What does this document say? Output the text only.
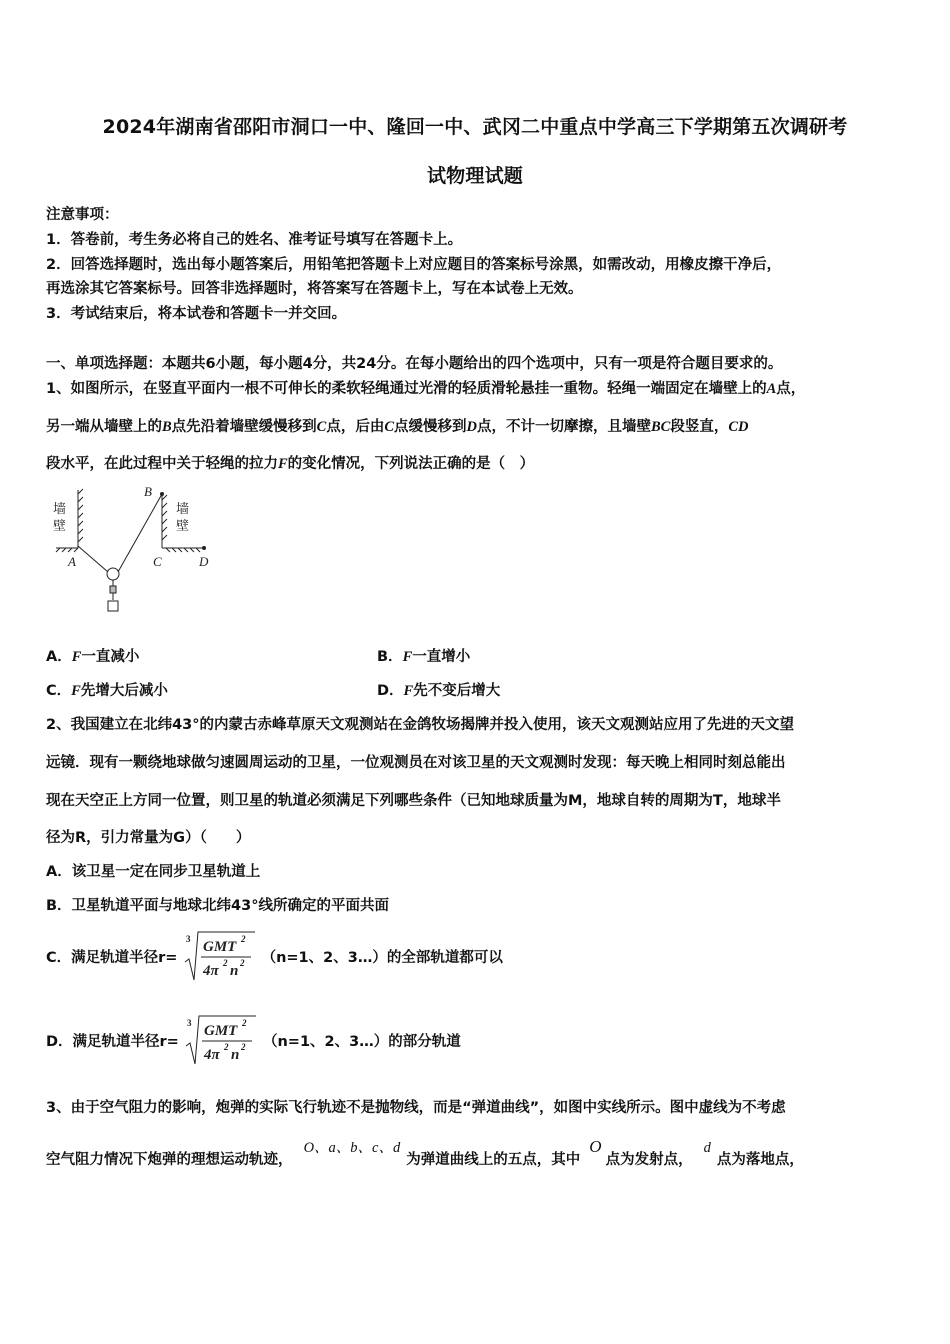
2024年湖南省邵阳市洞口一中、隆回一中、武冈二中重点中学高三下学期第五次调研考
试物理试题
注意事项：
1．答卷前，考生务必将自己的姓名、准考证号填写在答题卡上。
2．回答选择题时，选出每小题答案后，用铅笔把答题卡上对应题目的答案标号涂黑，如需改动，用橡皮擦干净后，
再选涂其它答案标号。回答非选择题时，将答案写在答题卡上，写在本试卷上无效。
3．考试结束后，将本试卷和答题卡一并交回。
一、单项选择题：本题共6小题，每小题4分，共24分。在每小题给出的四个选项中，只有一项是符合题目要求的。
1、如图所示，在竖直平面内一根不可伸长的柔软轻绳通过光滑的轻质滑轮悬挂一重物。轻绳一端固定在墙壁上的A点，
另一端从墙壁上的B点先沿着墙壁缓慢移到C点，后由C点缓慢移到D点，不计一切摩擦，且墙壁BC段竖直，CD
段水平，在此过程中关于轻绳的拉力F的变化情况，下列说法正确的是（　）
墙
壁
墙
壁
A
B
C	D
A．F一直减小	B．F一直增小
C．F先增大后减小	D．F先不变后增大
2、我国建立在北纬43°的内蒙古赤峰草原天文观测站在金鸽牧场揭牌并投入使用，该天文观测站应用了先进的天文望
远镜．现有一颗绕地球做匀速圆周运动的卫星，一位观测员在对该卫星的天文观测时发现：每天晚上相同时刻总能出
现在天空正上方同一位置，则卫星的轨道必须满足下列哪些条件（已知地球质量为M，地球自转的周期为T，地球半
径为R，引力常量为G）（　　）
A．该卫星一定在同步卫星轨道上
B．卫星轨道平面与地球北纬43°线所确定的平面共面
C．满足轨道半径r=
3 GMT 2
4π 2 n 2 （n=1、2、3…）的全部轨道都可以
D．满足轨道半径r=
3 GMT 2
4π 2 n 2 （n=1、2、3…）的部分轨道
3、由于空气阻力的影响，炮弹的实际飞行轨迹不是抛物线，而是“弹道曲线”，如图中实线所示。图中虚线为不考虑
空气阻力情况下炮弹的理想运动轨迹， O、a、b、c、d为弹道曲线上的五点，其中 O点为发射点， d点为落地点，
